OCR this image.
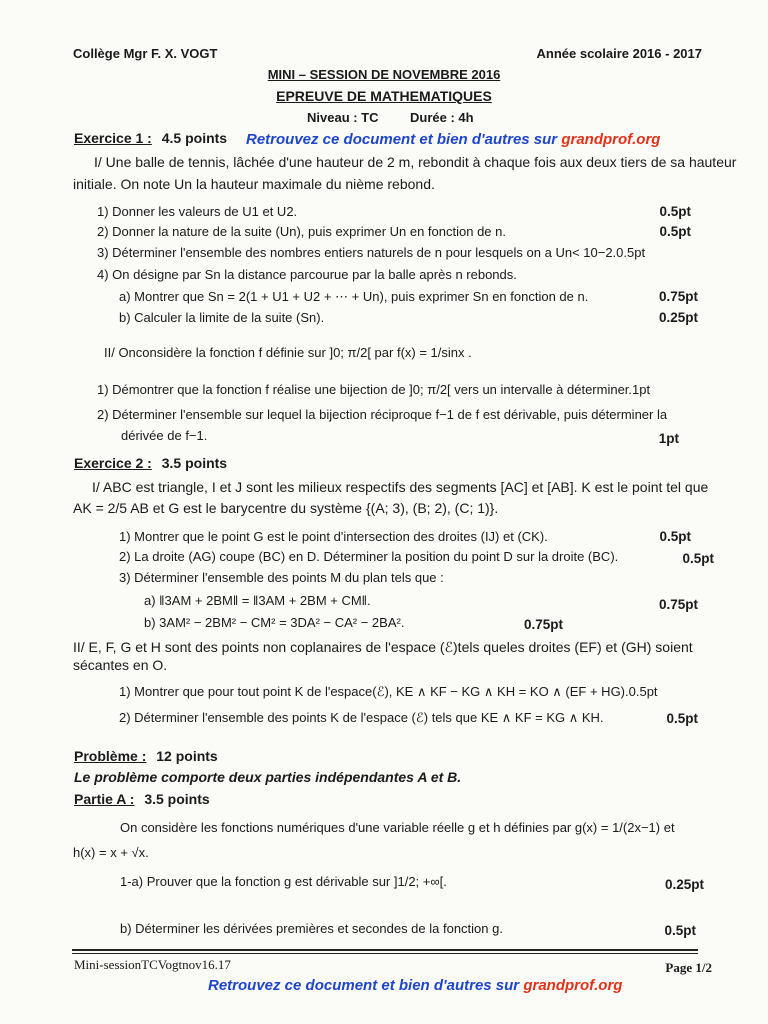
Collège Mgr F. X. VOGT	Année scolaire 2016 - 2017
MINI – SESSION DE NOVEMBRE 2016
EPREUVE DE MATHEMATIQUES
Niveau : TC Durée : 4h
Exercice 1 : 4.5 points Retrouvez ce document et bien d'autres sur grandprof.org
I/ Une balle de tennis, lâchée d'une hauteur de 2 m, rebondit à chaque fois aux deux tiers de sa hauteur
initiale. On note Un la hauteur maximale du nième rebond.
1) Donner les valeurs de U1 et U2.	0.5pt
2) Donner la nature de la suite (Un), puis exprimer Un en fonction de n.	0.5pt
3) Déterminer l'ensemble des nombres entiers naturels de n pour lesquels on a Un< 10−2.0.5pt
4) On désigne par Sn la distance parcourue par la balle après n rebonds.
a) Montrer que Sn = 2(1 + U1 + U2 + ⋯ + Un), puis exprimer Sn en fonction de n.	0.75pt
b) Calculer la limite de la suite (Sn).	0.25pt
II/ Onconsidère la fonction f définie sur ]0; π/2[ par f(x) = 1/sinx .
1) Démontrer que la fonction f réalise une bijection de ]0; π/2[ vers un intervalle à déterminer.1pt
2) Déterminer l'ensemble sur lequel la bijection réciproque f−1 de f est dérivable, puis déterminer la
dérivée de f−1.	1pt
Exercice 2 : 3.5 points
I/ ABC est triangle, I et J sont les milieux respectifs des segments [AC] et [AB]. K est le point tel que
AK = 2/5 AB et G est le barycentre du système {(A; 3), (B; 2), (C; 1)}.
1) Montrer que le point G est le point d'intersection des droites (IJ) et (CK).	0.5pt
2) La droite (AG) coupe (BC) en D. Déterminer la position du point D sur la droite (BC).	0.5pt
3) Déterminer l'ensemble des points M du plan tels que :
a) ‖3AM + 2BM‖ = ‖3AM + 2BM + CM‖.	0.75pt
b) 3AM² − 2BM² − CM² = 3DA² − CA² − 2BA².	0.75pt
II/ E, F, G et H sont des points non coplanaires de l'espace (ℰ)tels queles droites (EF) et (GH) soient
sécantes en O.
1) Montrer que pour tout point K de l'espace(ℰ), KE ∧ KF − KG ∧ KH = KO ∧ (EF + HG).0.5pt
2) Déterminer l'ensemble des points K de l'espace (ℰ) tels que KE ∧ KF = KG ∧ KH.	0.5pt
Problème : 12 points
Le problème comporte deux parties indépendantes A et B.
Partie A : 3.5 points
On considère les fonctions numériques d'une variable réelle g et h définies par g(x) = 1/(2x−1) et
h(x) = x + √x.
1-a) Prouver que la fonction g est dérivable sur ]1/2; +∞[.	0.25pt
b) Déterminer les dérivées premières et secondes de la fonction g.	0.5pt
Mini-sessionTCVogtnov16.17	Page 1/2
Retrouvez ce document et bien d'autres sur grandprof.org
